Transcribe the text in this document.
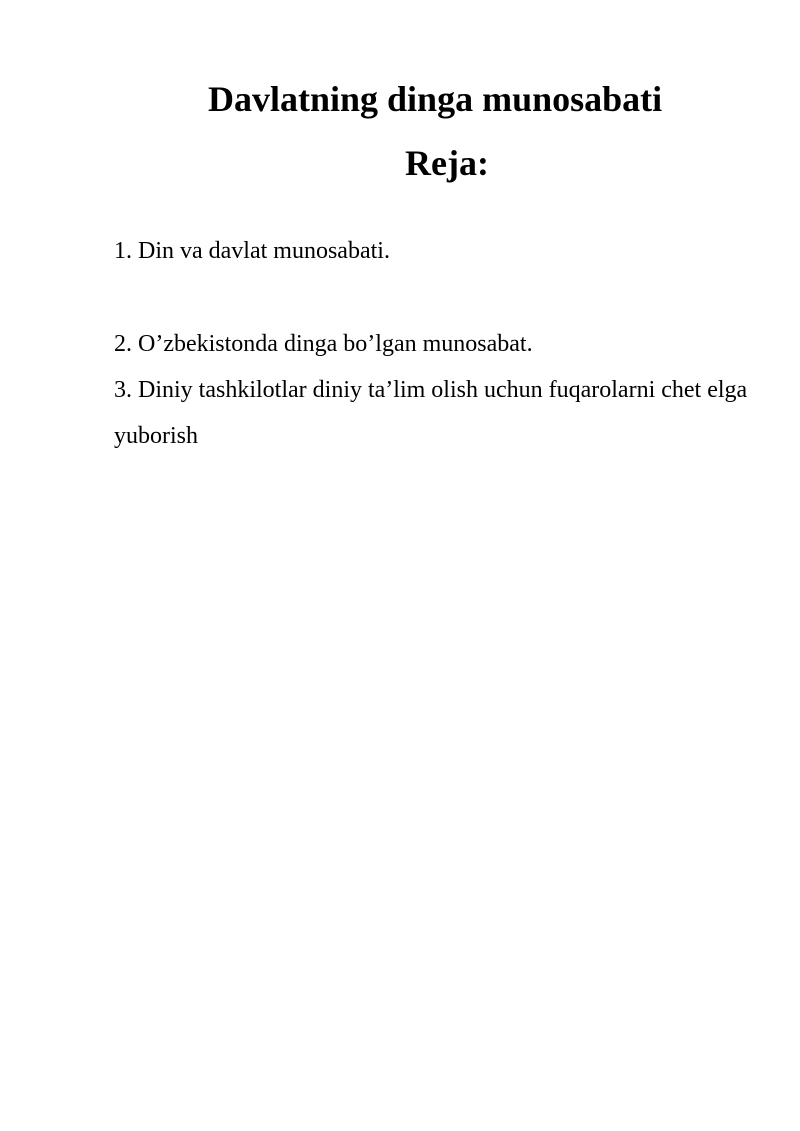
Davlatning dinga munosabati
Reja:
1. Din va davlat munosabati.
2. O’zbekistonda dinga bo’lgan munosabat.
3. Diniy tashkilotlar diniy ta’lim olish uchun fuqarolarni chet elga yuborish
